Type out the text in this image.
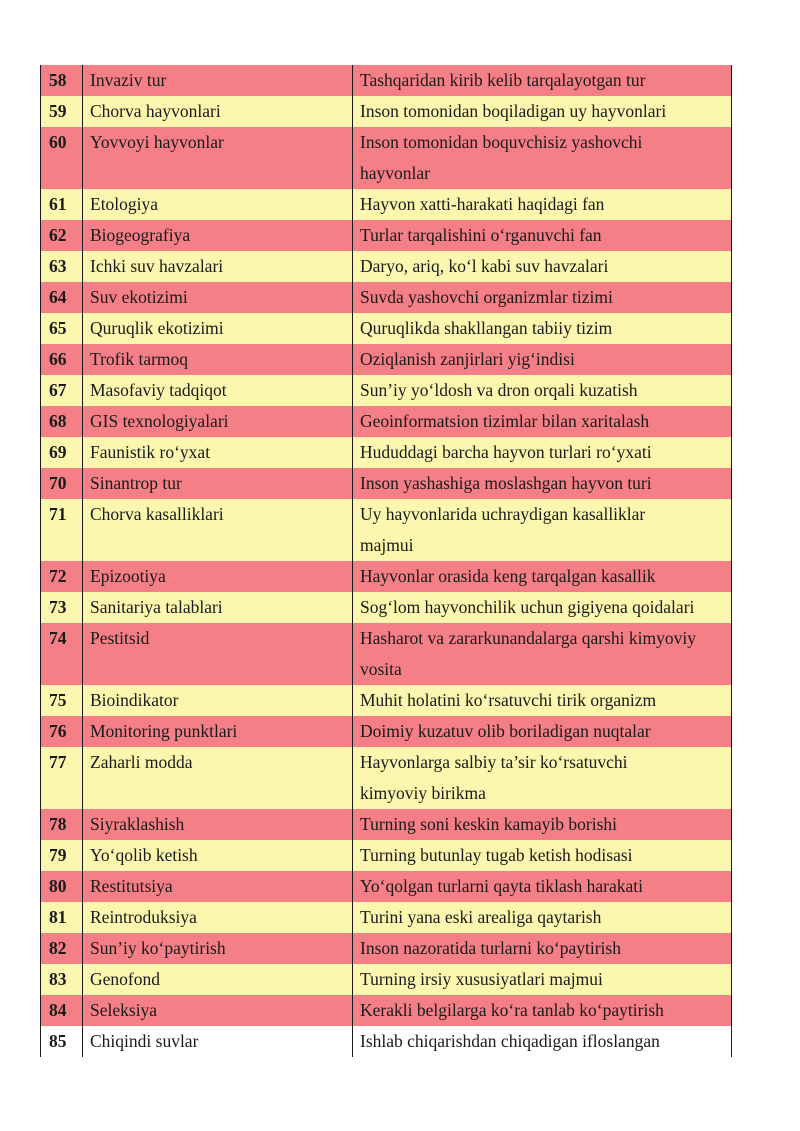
58	Invaziv tur	Tashqaridan kirib kelib tarqalayotgan tur

59	Chorva hayvonlari	Inson tomonidan boqiladigan uy hayvonlari

60	Yovvoyi hayvonlar	Inson tomonidan boquvchisiz yashovchi
hayvonlar

61	Etologiya	Hayvon xatti-harakati haqidagi fan

62	Biogeografiya	Turlar tarqalishini o‘rganuvchi fan

63	Ichki suv havzalari	Daryo, ariq, ko‘l kabi suv havzalari

64	Suv ekotizimi	Suvda yashovchi organizmlar tizimi

65	Quruqlik ekotizimi	Quruqlikda shakllangan tabiiy tizim

66	Trofik tarmoq	Oziqlanish zanjirlari yig‘indisi

67	Masofaviy tadqiqot	Sun’iy yo‘ldosh va dron orqali kuzatish

68	GIS texnologiyalari	Geoinformatsion tizimlar bilan xaritalash

69	Faunistik ro‘yxat	Hududdagi barcha hayvon turlari ro‘yxati

70	Sinantrop tur	Inson yashashiga moslashgan hayvon turi

71	Chorva kasalliklari	Uy hayvonlarida uchraydigan kasalliklar
majmui

72	Epizootiya	Hayvonlar orasida keng tarqalgan kasallik

73	Sanitariya talablari	Sog‘lom hayvonchilik uchun gigiyena qoidalari

74	Pestitsid	Hasharot va zararkunandalarga qarshi kimyoviy
vosita

75	Bioindikator	Muhit holatini ko‘rsatuvchi tirik organizm

76	Monitoring punktlari	Doimiy kuzatuv olib boriladigan nuqtalar

77	Zaharli modda	Hayvonlarga salbiy ta’sir ko‘rsatuvchi
kimyoviy birikma

78	Siyraklashish	Turning soni keskin kamayib borishi

79	Yo‘qolib ketish	Turning butunlay tugab ketish hodisasi

80	Restitutsiya	Yo‘qolgan turlarni qayta tiklash harakati

81	Reintroduksiya	Turini yana eski arealiga qaytarish

82	Sun’iy ko‘paytirish	Inson nazoratida turlarni ko‘paytirish

83	Genofond	Turning irsiy xususiyatlari majmui

84	Seleksiya	Kerakli belgilarga ko‘ra tanlab ko‘paytirish

85	Chiqindi suvlar	Ishlab chiqarishdan chiqadigan ifloslangan
